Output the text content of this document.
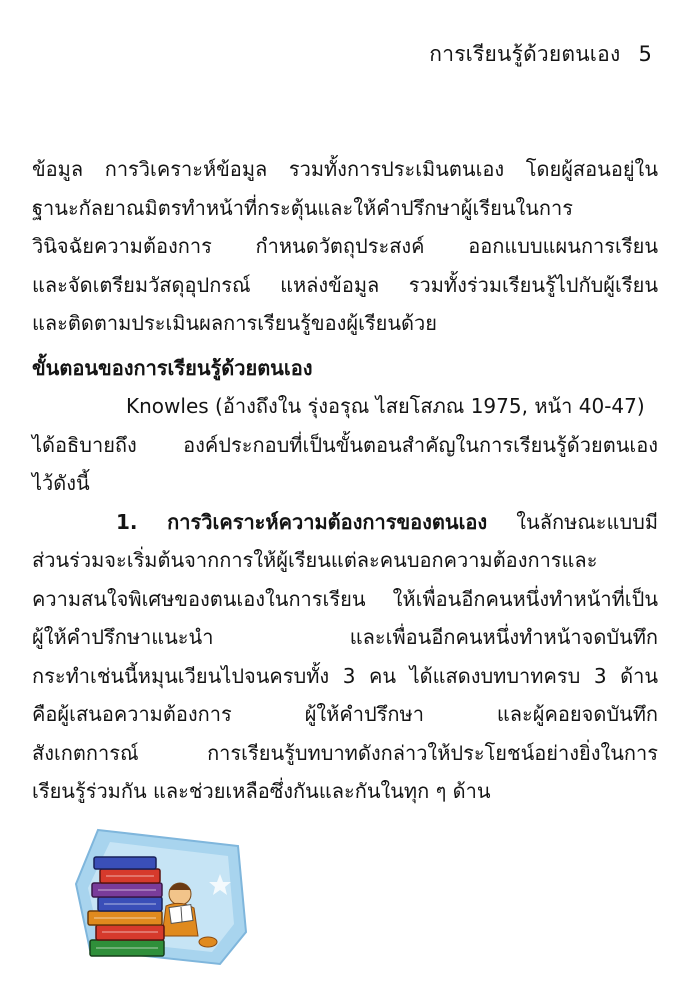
การเรียนรู้ด้วยตนเอง 5

ข้อมูล การวิเคราะห์ข้อมูล รวมทั้งการประเมินตนเอง โดยผู้สอนอยู่ใน

ฐานะกัลยาณมิตรทำหน้าที่กระตุ้นและให้คำปรึกษาผู้เรียนในการ

วินิจฉัยความต้องการ กำหนดวัตถุประสงค์ ออกแบบแผนการเรียน

และจัดเตรียมวัสดุอุปกรณ์ แหล่งข้อมูล รวมทั้งร่วมเรียนรู้ไปกับผู้เรียน

และติดตามประเมินผลการเรียนรู้ของผู้เรียนด้วย

ขั้นตอนของการเรียนรู้ด้วยตนเอง

Knowles (อ้างถึงใน รุ่งอรุณ ไสยโสภณ 1975, หน้า 40-47)

ได้อธิบายถึง องค์ประกอบที่เป็นขั้นตอนสำคัญในการเรียนรู้ด้วยตนเอง

ไว้ดังนี้

1. การวิเคราะห์ความต้องการของตนเอง ในลักษณะแบบมี

ส่วนร่วมจะเริ่มต้นจากการให้ผู้เรียนแต่ละคนบอกความต้องการและ

ความสนใจพิเศษของตนเองในการเรียน ให้เพื่อนอีกคนหนึ่งทำหน้าที่เป็น

ผู้ให้คำปรึกษาแนะนำ และเพื่อนอีกคนหนึ่งทำหน้าจดบันทึก

กระทำเช่นนี้หมุนเวียนไปจนครบทั้ง 3 คน ได้แสดงบทบาทครบ 3 ด้าน

คือผู้เสนอความต้องการ ผู้ให้คำปรึกษา และผู้คอยจดบันทึก

สังเกตการณ์ การเรียนรู้บทบาทดังกล่าวให้ประโยชน์อย่างยิ่งในการ

เรียนรู้ร่วมกัน และช่วยเหลือซึ่งกันและกันในทุก ๆ ด้าน
